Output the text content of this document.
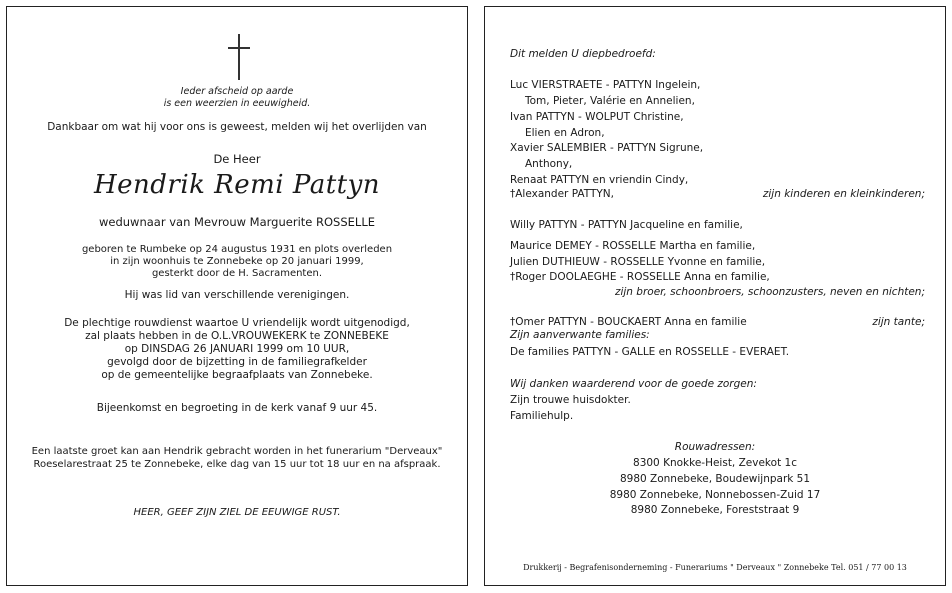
Ieder afscheid op aarde
is een weerzien in eeuwigheid.
Dankbaar om wat hij voor ons is geweest, melden wij het overlijden van
De Heer
Hendrik Remi Pattyn
weduwnaar van Mevrouw Marguerite ROSSELLE
geboren te Rumbeke op 24 augustus 1931 en plots overleden
in zijn woonhuis te Zonnebeke op 20 januari 1999,
gesterkt door de H. Sacramenten.
Hij was lid van verschillende verenigingen.
De plechtige rouwdienst waartoe U vriendelijk wordt uitgenodigd,
zal plaats hebben in de O.L.VROUWEKERK te ZONNEBEKE
op DINSDAG 26 JANUARI 1999 om 10 UUR,
gevolgd door de bijzetting in de familiegrafkelder
op de gemeentelijke begraafplaats van Zonnebeke.
Bijeenkomst en begroeting in de kerk vanaf 9 uur 45.
Een laatste groet kan aan Hendrik gebracht worden in het funerarium "Derveaux"
Roeselarestraat 25 te Zonnebeke, elke dag van 15 uur tot 18 uur en na afspraak.
HEER, GEEF ZIJN ZIEL DE EEUWIGE RUST.
Dit melden U diepbedroefd:
Luc VIERSTRAETE - PATTYN Ingelein,
Tom, Pieter, Valérie en Annelien,
Ivan PATTYN - WOLPUT Christine,
Elien en Adron,
Xavier SALEMBIER - PATTYN Sigrune,
Anthony,
Renaat PATTYN en vriendin Cindy,
†Alexander PATTYN,	zijn kinderen en kleinkinderen;
Willy PATTYN - PATTYN Jacqueline en familie,
Maurice DEMEY - ROSSELLE Martha en familie,
Julien DUTHIEUW - ROSSELLE Yvonne en familie,
†Roger DOOLAEGHE - ROSSELLE Anna en familie,
zijn broer, schoonbroers, schoonzusters, neven en nichten;
†Omer PATTYN - BOUCKAERT Anna en familie	zijn tante;
Zijn aanverwante families:
De families PATTYN - GALLE en ROSSELLE - EVERAET.
Wij danken waarderend voor de goede zorgen:
Zijn trouwe huisdokter.
Familiehulp.
Rouwadressen:
8300 Knokke-Heist, Zevekot 1c
8980 Zonnebeke, Boudewijnpark 51
8980 Zonnebeke, Nonnebossen-Zuid 17
8980 Zonnebeke, Foreststraat 9
Drukkerij - Begrafenisonderneming - Funerariums " Derveaux " Zonnebeke Tel. 051 / 77 00 13
